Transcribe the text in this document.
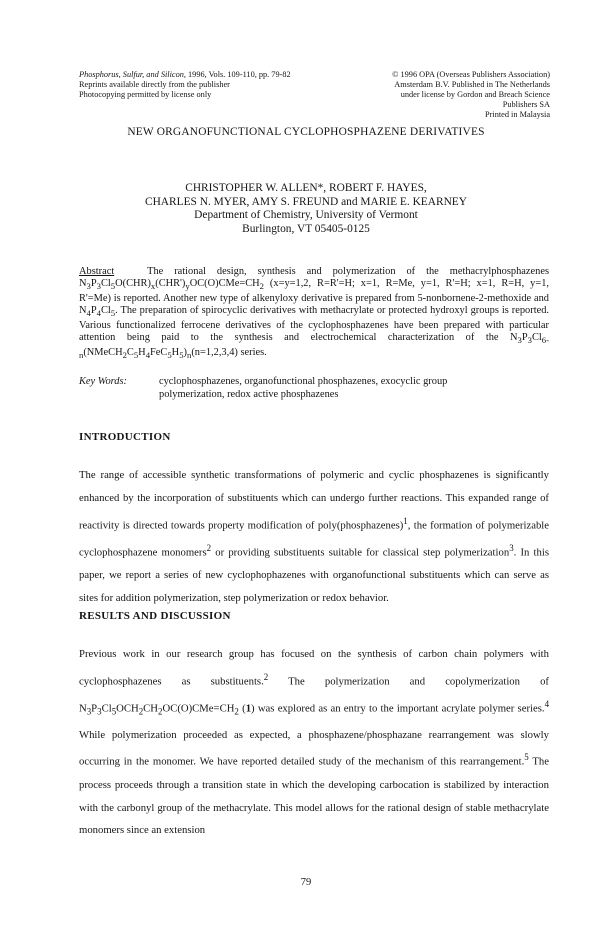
Phosphorus, Sulfur, and Silicon, 1996, Vols. 109-110, pp. 79-82
Reprints available directly from the publisher
Photocopying permitted by license only
© 1996 OPA (Overseas Publishers Association)
Amsterdam B.V. Published in The Netherlands
under license by Gordon and Breach Science
Publishers SA
Printed in Malaysia
NEW ORGANOFUNCTIONAL CYCLOPHOSPHAZENE DERIVATIVES
CHRISTOPHER W. ALLEN*, ROBERT F. HAYES,
CHARLES N. MYER, AMY S. FREUND and MARIE E. KEARNEY
Department of Chemistry, University of Vermont
Burlington, VT 05405-0125
Abstract	The rational design, synthesis and polymerization of the methacrylphosphazenes $N_3P_3Cl_5O(CHR)_x(CHR')_yOC(O)CMe=CH_2$ (x=y=1,2, R=R'=H; x=1, R=Me, y=1, R'=H; x=1, R=H, y=1, R'=Me) is reported. Another new type of alkenyloxy derivative is prepared from 5-nonbornene-2-methoxide and $N_4P_4Cl_5$. The preparation of spirocyclic derivatives with methacrylate or protected hydroxyl groups is reported. Various functionalized ferrocene derivatives of the cyclophosphazenes have been prepared with particular attention being paid to the synthesis and electrochemical characterization of the $N_3P_3Cl_{6-n}(NMeCH_2C_5H_4FeC_5H_5)_n(n=1,2,3,4)$ series.
Key Words:	cyclophosphazenes, organofunctional phosphazenes, exocyclic group
polymerization, redox active phosphazenes
INTRODUCTION
The range of accessible synthetic transformations of polymeric and cyclic phosphazenes is significantly enhanced by the incorporation of substituents which can undergo further reactions. This expanded range of reactivity is directed towards property modification of poly(phosphazenes)$^1$, the formation of polymerizable cyclophosphazene monomers$^2$ or providing substituents suitable for classical step polymerization$^3$. In this paper, we report a series of new cyclophophazenes with organofunctional substituents which can serve as sites for addition polymerization, step polymerization or redox behavior.
RESULTS AND DISCUSSION
Previous work in our research group has focused on the synthesis of carbon chain polymers with cyclophosphazenes as substituents.$^2$ The polymerization and copolymerization of $N_3P_3Cl_5OCH_2CH_2OC(O)CMe=CH_2$ (1) was explored as an entry to the important acrylate polymer series.$^4$ While polymerization proceeded as expected, a phosphazene/phosphazane rearrangement was slowly occurring in the monomer. We have reported detailed study of the mechanism of this rearrangement.$^5$ The process proceeds through a transition state in which the developing carbocation is stabilized by interaction with the carbonyl group of the methacrylate. This model allows for the rational design of stable methacrylate monomers since an extension
79
